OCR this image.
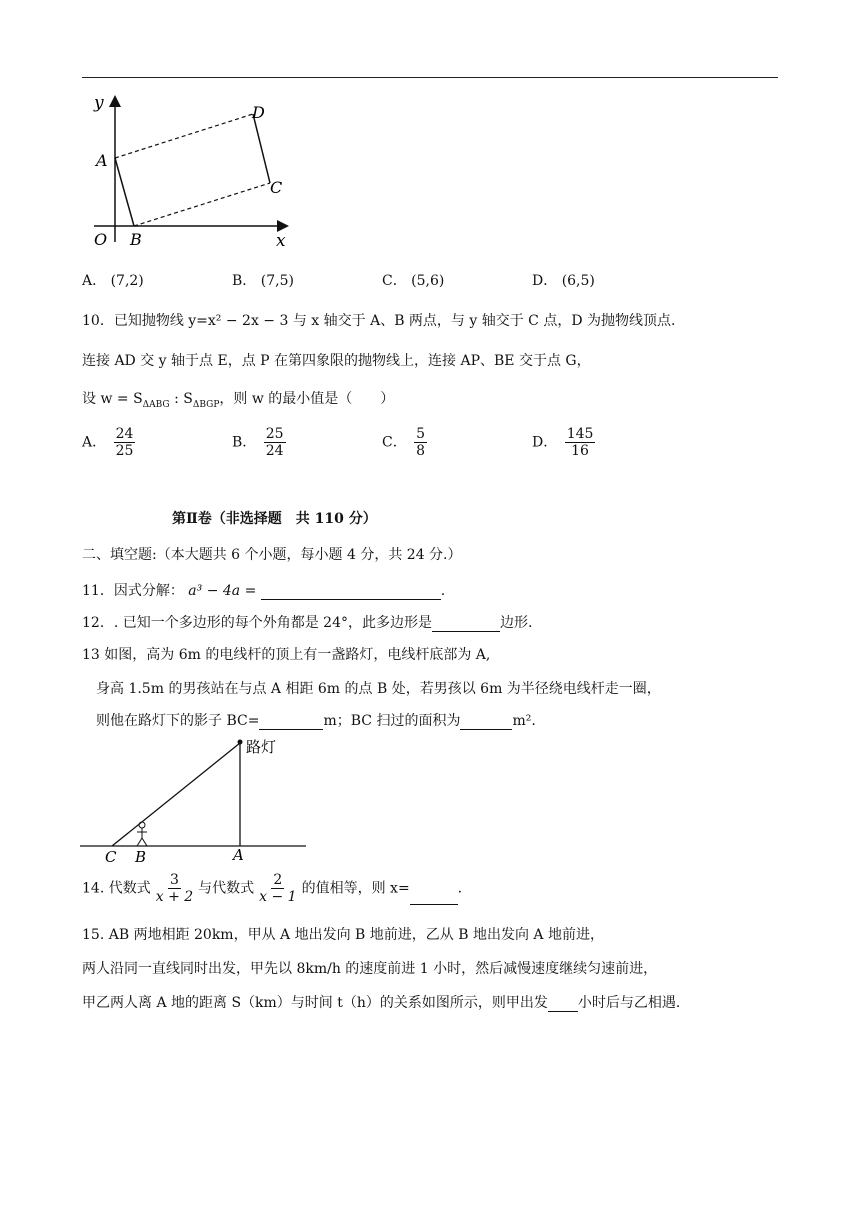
y
x
O
A
B
C
D
A． (7,2)	B． (7,5)	C． (5,6)	D． (6,5)
10．已知抛物线 y=x² − 2x − 3 与 x 轴交于 A、B 两点，与 y 轴交于 C 点，D 为抛物线顶点.
连接 AD 交 y 轴于点 E，点 P 在第四象限的抛物线上，连接 AP、BE 交于点 G，
设 $w = S_{\Delta ABG}$ : $S_{\Delta BGP}$，则 w 的最小值是（　　）
A． $\frac{24}{25}$	B． $\frac{25}{24}$	C． $\frac{5}{8}$	D． $\frac{145}{16}$
第Ⅱ卷（非选择题　共 110 分）
二、填空题:（本大题共 6 个小题，每小题 4 分，共 24 分.）
11．因式分解： a³ − 4a =	.
12．. 已知一个多边形的每个外角都是 24°，此多边形是	边形.
13 如图，高为 6m 的电线杆的顶上有一盏路灯，电线杆底部为 A,
身高 1.5m 的男孩站在与点 A 相距 6m 的点 B 处，若男孩以 6m 为半径绕电线杆走一圈，
则他在路灯下的影子 BC=	m；BC 扫过的面积为	m².
路灯
C B	A
14. 代数式 $\frac{3}{x + 2}$ 与代数式 $\frac{2}{x - 1}$ 的值相等，则 x=	.
15. AB 两地相距 20km，甲从 A 地出发向 B 地前进，乙从 B 地出发向 A 地前进，
两人沿同一直线同时出发，甲先以 8km/h 的速度前进 1 小时，然后减慢速度继续匀速前进，
甲乙两人离 A 地的距离 S（km）与时间 t（h）的关系如图所示，则甲出发 小时后与乙相遇.
